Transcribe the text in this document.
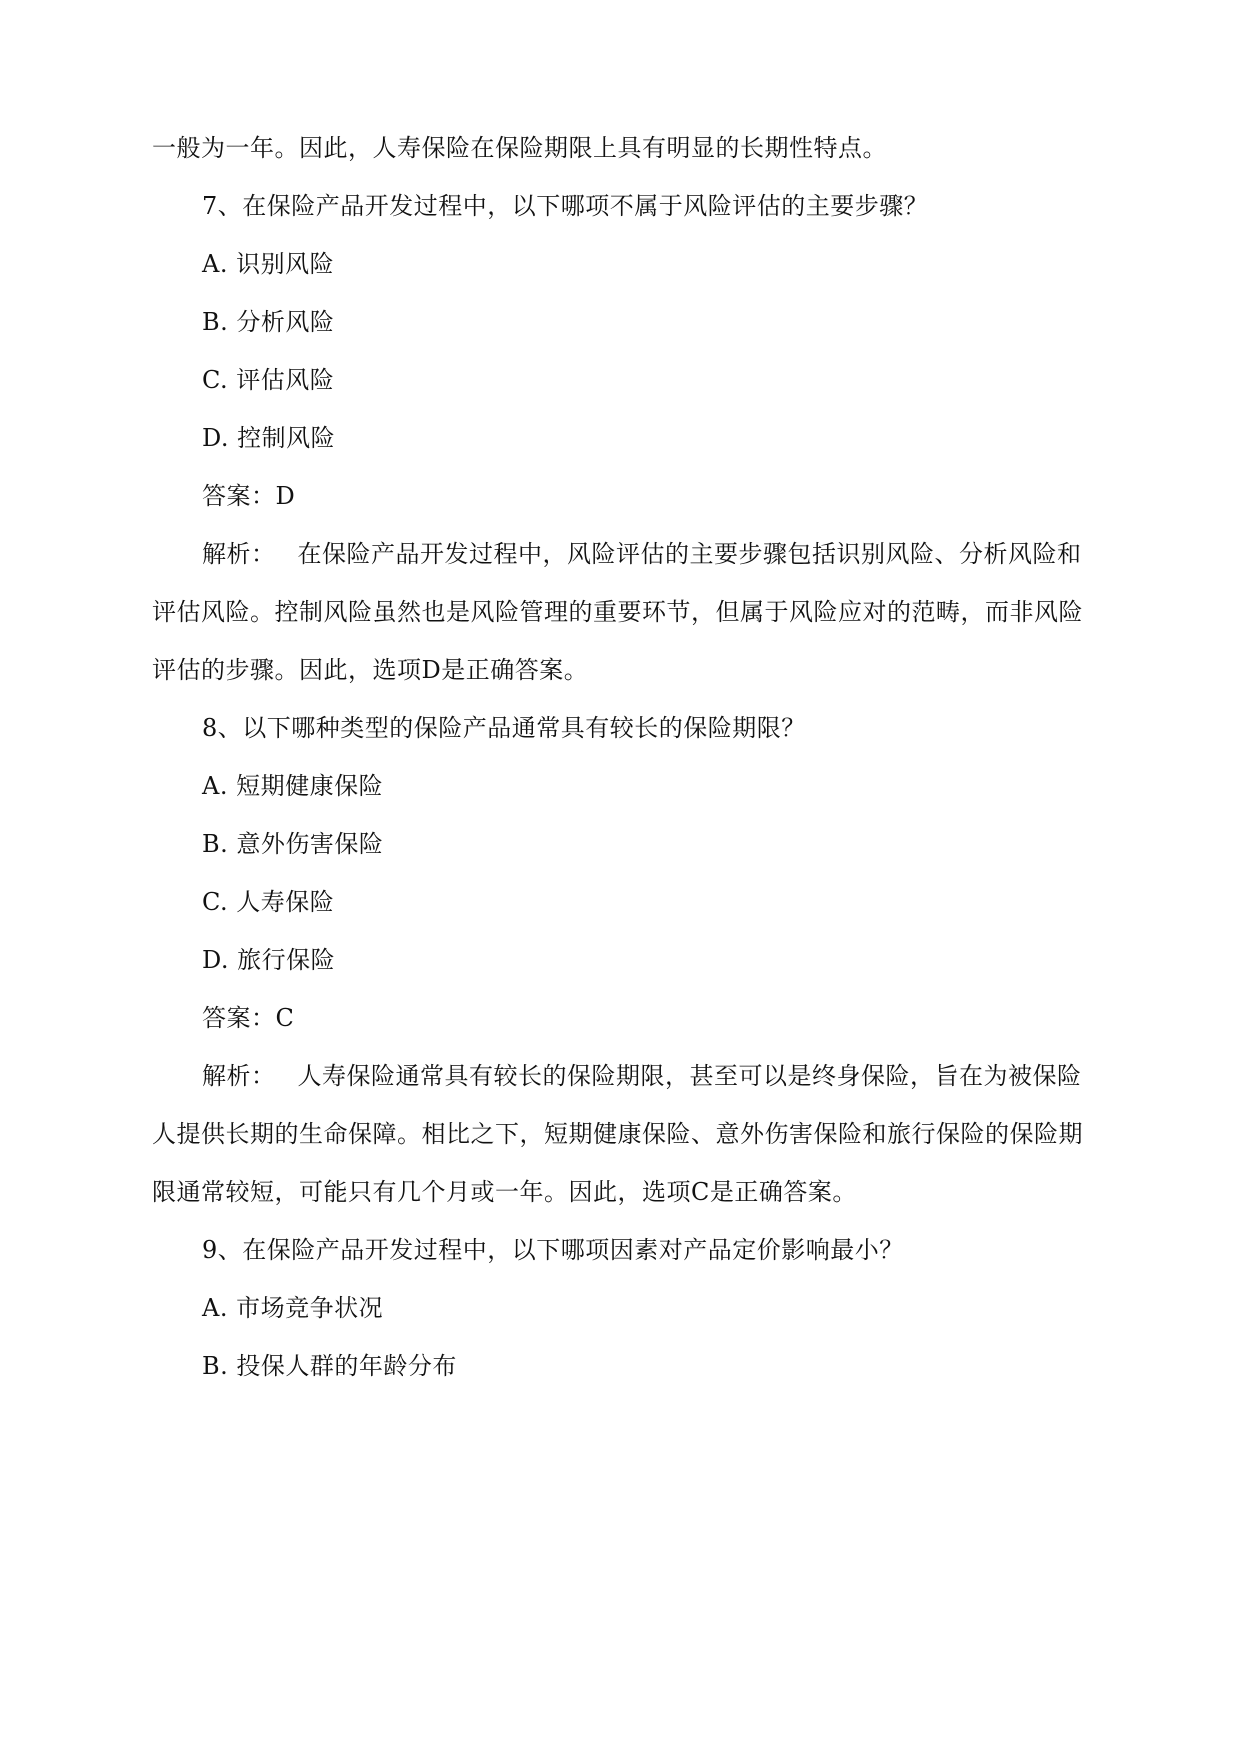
一般为一年。因此，人寿保险在保险期限上具有明显的长期性特点。
7、在保险产品开发过程中，以下哪项不属于风险评估的主要步骤？
A. 识别风险
B. 分析风险
C. 评估风险
D. 控制风险
答案：D
解析： 在保险产品开发过程中，风险评估的主要步骤包括识别风险、分析风险和
评估风险。控制风险虽然也是风险管理的重要环节，但属于风险应对的范畴，而非风险
评估的步骤。因此，选项D是正确答案。
8、以下哪种类型的保险产品通常具有较长的保险期限？
A. 短期健康保险
B. 意外伤害保险
C. 人寿保险
D. 旅行保险
答案：C
解析： 人寿保险通常具有较长的保险期限，甚至可以是终身保险，旨在为被保险
人提供长期的生命保障。相比之下，短期健康保险、意外伤害保险和旅行保险的保险期
限通常较短，可能只有几个月或一年。因此，选项C是正确答案。
9、在保险产品开发过程中，以下哪项因素对产品定价影响最小？
A. 市场竞争状况
B. 投保人群的年龄分布
